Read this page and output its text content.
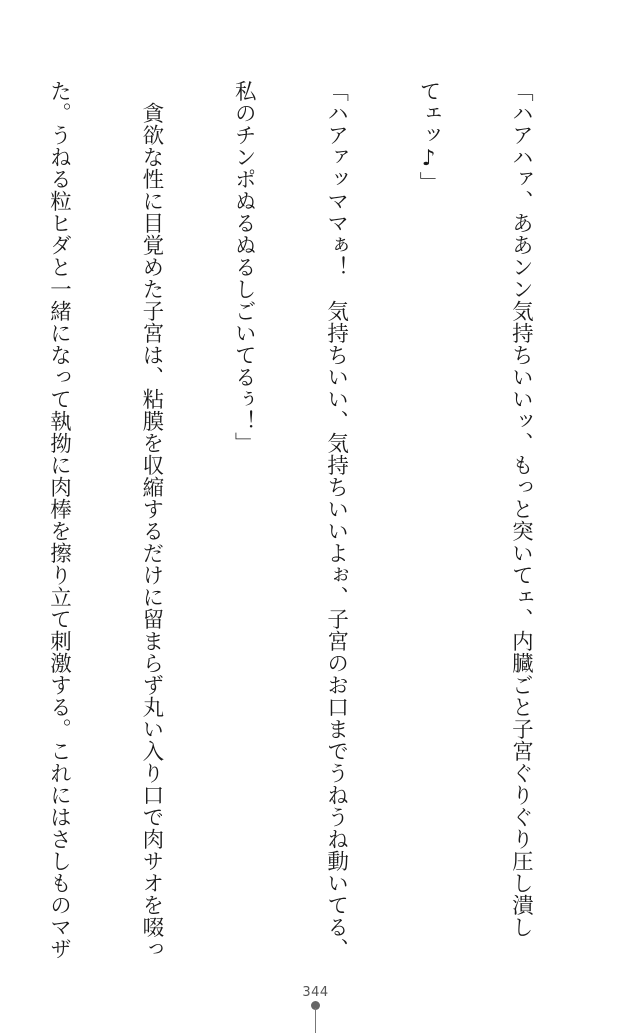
「ハアハァ、ああンン気持ちいいッ、もっと突いてェ、内臓ごと子宮ぐりぐり圧し潰し

てェッ♪」

「ハアァッママぁ！　気持ちいい、気持ちいいよぉ、子宮のお口までうねうね動いてる、

私のチンポぬるぬるしごいてるぅ！」

　貪欲な性に目覚めた子宮は、粘膜を収縮するだけに留まらず丸い入り口で肉サオを啜っ

た。うねる粒ヒダと一緒になって執拗に肉棒を擦り立て刺激する。これにはさしものマザ

344
